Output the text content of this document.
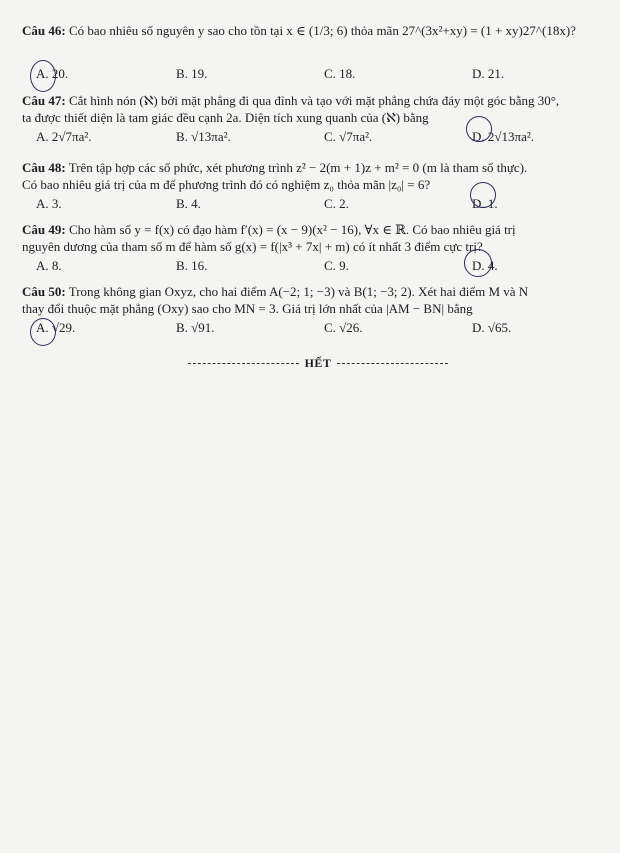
Câu 46: Có bao nhiêu số nguyên y sao cho tồn tại x ∈ (1/3; 6) thỏa mãn 27^(3x²+xy) = (1 + xy)27^(18x)?
A. 20.	B. 19.	C. 18.	D. 21.
Câu 47: Cắt hình nón (ℵ) bởi mặt phẳng đi qua đỉnh và tạo với mặt phẳng chứa đáy một góc bằng 30°,
ta được thiết diện là tam giác đều cạnh 2a. Diện tích xung quanh của (ℵ) bằng
A. 2√7πa².	B. √13πa².	C. √7πa².	D. 2√13πa².
Câu 48: Trên tập hợp các số phức, xét phương trình z² − 2(m + 1)z + m² = 0 (m là tham số thực).
Có bao nhiêu giá trị của m để phương trình đó có nghiệm z₀ thỏa mãn |z₀| = 6?
A. 3.	B. 4.	C. 2.	D. 1.
Câu 49: Cho hàm số y = f(x) có đạo hàm f′(x) = (x − 9)(x² − 16), ∀x ∈ ℝ. Có bao nhiêu giá trị
nguyên dương của tham số m để hàm số g(x) = f(|x³ + 7x| + m) có ít nhất 3 điểm cực trị?
A. 8.	B. 16.	C. 9.	D. 4.
Câu 50: Trong không gian Oxyz, cho hai điểm A(−2; 1; −3) và B(1; −3; 2). Xét hai điểm M và N
thay đổi thuộc mặt phẳng (Oxy) sao cho MN = 3. Giá trị lớn nhất của |AM − BN| bằng
A. √29.	B. √91.	C. √26.	D. √65.
HẾT
